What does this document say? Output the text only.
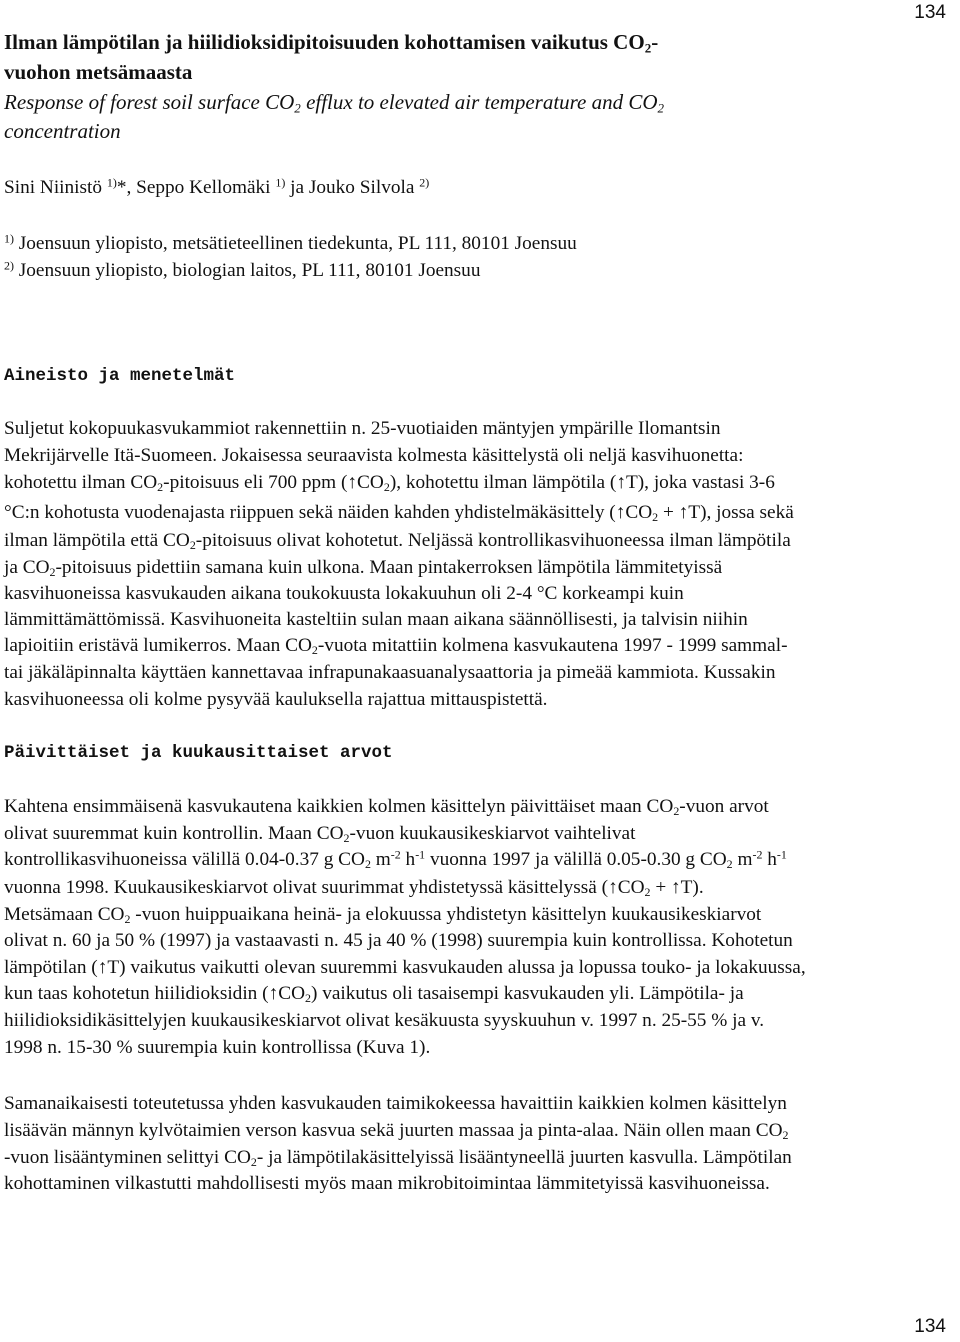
134
Ilman lämpötilan ja hiilidioksidipitoisuuden kohottamisen vaikutus $CO_2-$
vuohon metsämaasta
Response of forest soil surface $CO_2$ efflux to elevated air temperature and $CO_2$
concentration
Sini Niinistö $^{1)}$*, Seppo Kellomäki $^{1)}$ ja Jouko Silvola $^{2)}$
$^{1)}$ Joensuun yliopisto, metsätieteellinen tiedekunta, PL 111, 80101 Joensuu
$^{2)}$ Joensuun yliopisto, biologian laitos, PL 111, 80101 Joensuu
Aineisto ja menetelmät
Suljetut kokopuukasvukammiot rakennettiin n. 25-vuotiaiden mäntyjen ympärille Ilomantsin
Mekrijärvelle Itä-Suomeen. Jokaisessa seuraavista kolmesta käsittelystä oli neljä kasvihuonetta:
kohotettu ilman $CO_2$-pitoisuus eli 700 ppm ( ↑ $CO_2$), kohotettu ilman lämpötila ( ↑ T), joka vastasi 3-6
°C:n kohotusta vuodenajasta riippuen sekä näiden kahden yhdistelmäkäsittely ( ↑ $CO_2$ + ↑ T), jossa sekä
ilman lämpötila että $CO_2$-pitoisuus olivat kohotetut. Neljässä kontrollikasvihuoneessa ilman lämpötila
ja $CO_2$-pitoisuus pidettiin samana kuin ulkona. Maan pintakerroksen lämpötila lämmitetyissä
kasvihuoneissa kasvukauden aikana toukokuusta lokakuuhun oli 2-4 °C korkeampi kuin
lämmittämättömissä. Kasvihuoneita kasteltiin sulan maan aikana säännöllisesti, ja talvisin niihin
lapioitiin eristävä lumikerros. Maan $CO_2$-vuota mitattiin kolmena kasvukautena 1997 - 1999 sammal-
tai jäkäläpinnalta käyttäen kannettavaa infrapunakaasuanalysaattoria ja pimeää kammiota. Kussakin
kasvihuoneessa oli kolme pysyvää kauluksella rajattua mittauspistettä.
Päivittäiset ja kuukausittaiset arvot
Kahtena ensimmäisenä kasvukautena kaikkien kolmen käsittelyn päivittäiset maan $CO_2$-vuon arvot
olivat suuremmat kuin kontrollin. Maan $CO_2$-vuon kuukausikeskiarvot vaihtelivat
kontrollikasvihuoneissa välillä 0.04-0.37 g $CO_2$ $m^{-2}$ $h^{-1}$ vuonna 1997 ja välillä 0.05-0.30 g $CO_2$ $m^{-2}$ $h^{-1}$
vuonna 1998. Kuukausikeskiarvot olivat suurimmat yhdistetyssä käsittelyssä ( ↑ $CO_2$ + ↑ T).
Metsämaan $CO_2$ -vuon huippuaikana heinä- ja elokuussa yhdistetyn käsittelyn kuukausikeskiarvot
olivat n. 60 ja 50 % (1997) ja vastaavasti n. 45 ja 40 % (1998) suurempia kuin kontrollissa. Kohotetun
lämpötilan ( ↑ T) vaikutus vaikutti olevan suuremmi kasvukauden alussa ja lopussa touko- ja lokakuussa,
kun taas kohotetun hiilidioksidin ( ↑ $CO_2$) vaikutus oli tasaisempi kasvukauden yli. Lämpötila- ja
hiilidioksidikäsittelyjen kuukausikeskiarvot olivat kesäkuusta syyskuuhun v. 1997 n. 25-55 % ja v.
1998 n. 15-30 % suurempia kuin kontrollissa (Kuva 1).
Samanaikaisesti toteutetussa yhden kasvukauden taimikokeessa havaittiin kaikkien kolmen käsittelyn
lisäävän männyn kylvötaimien verson kasvua sekä juurten massaa ja pinta-alaa. Näin ollen maan $CO_2$
-vuon lisääntyminen selittyi $CO_2-$ ja lämpötilakäsittelyissä lisääntyneellä juurten kasvulla. Lämpötilan
kohottaminen vilkastutti mahdollisesti myös maan mikrobitoimintaa lämmitetyissä kasvihuoneissa.
134
